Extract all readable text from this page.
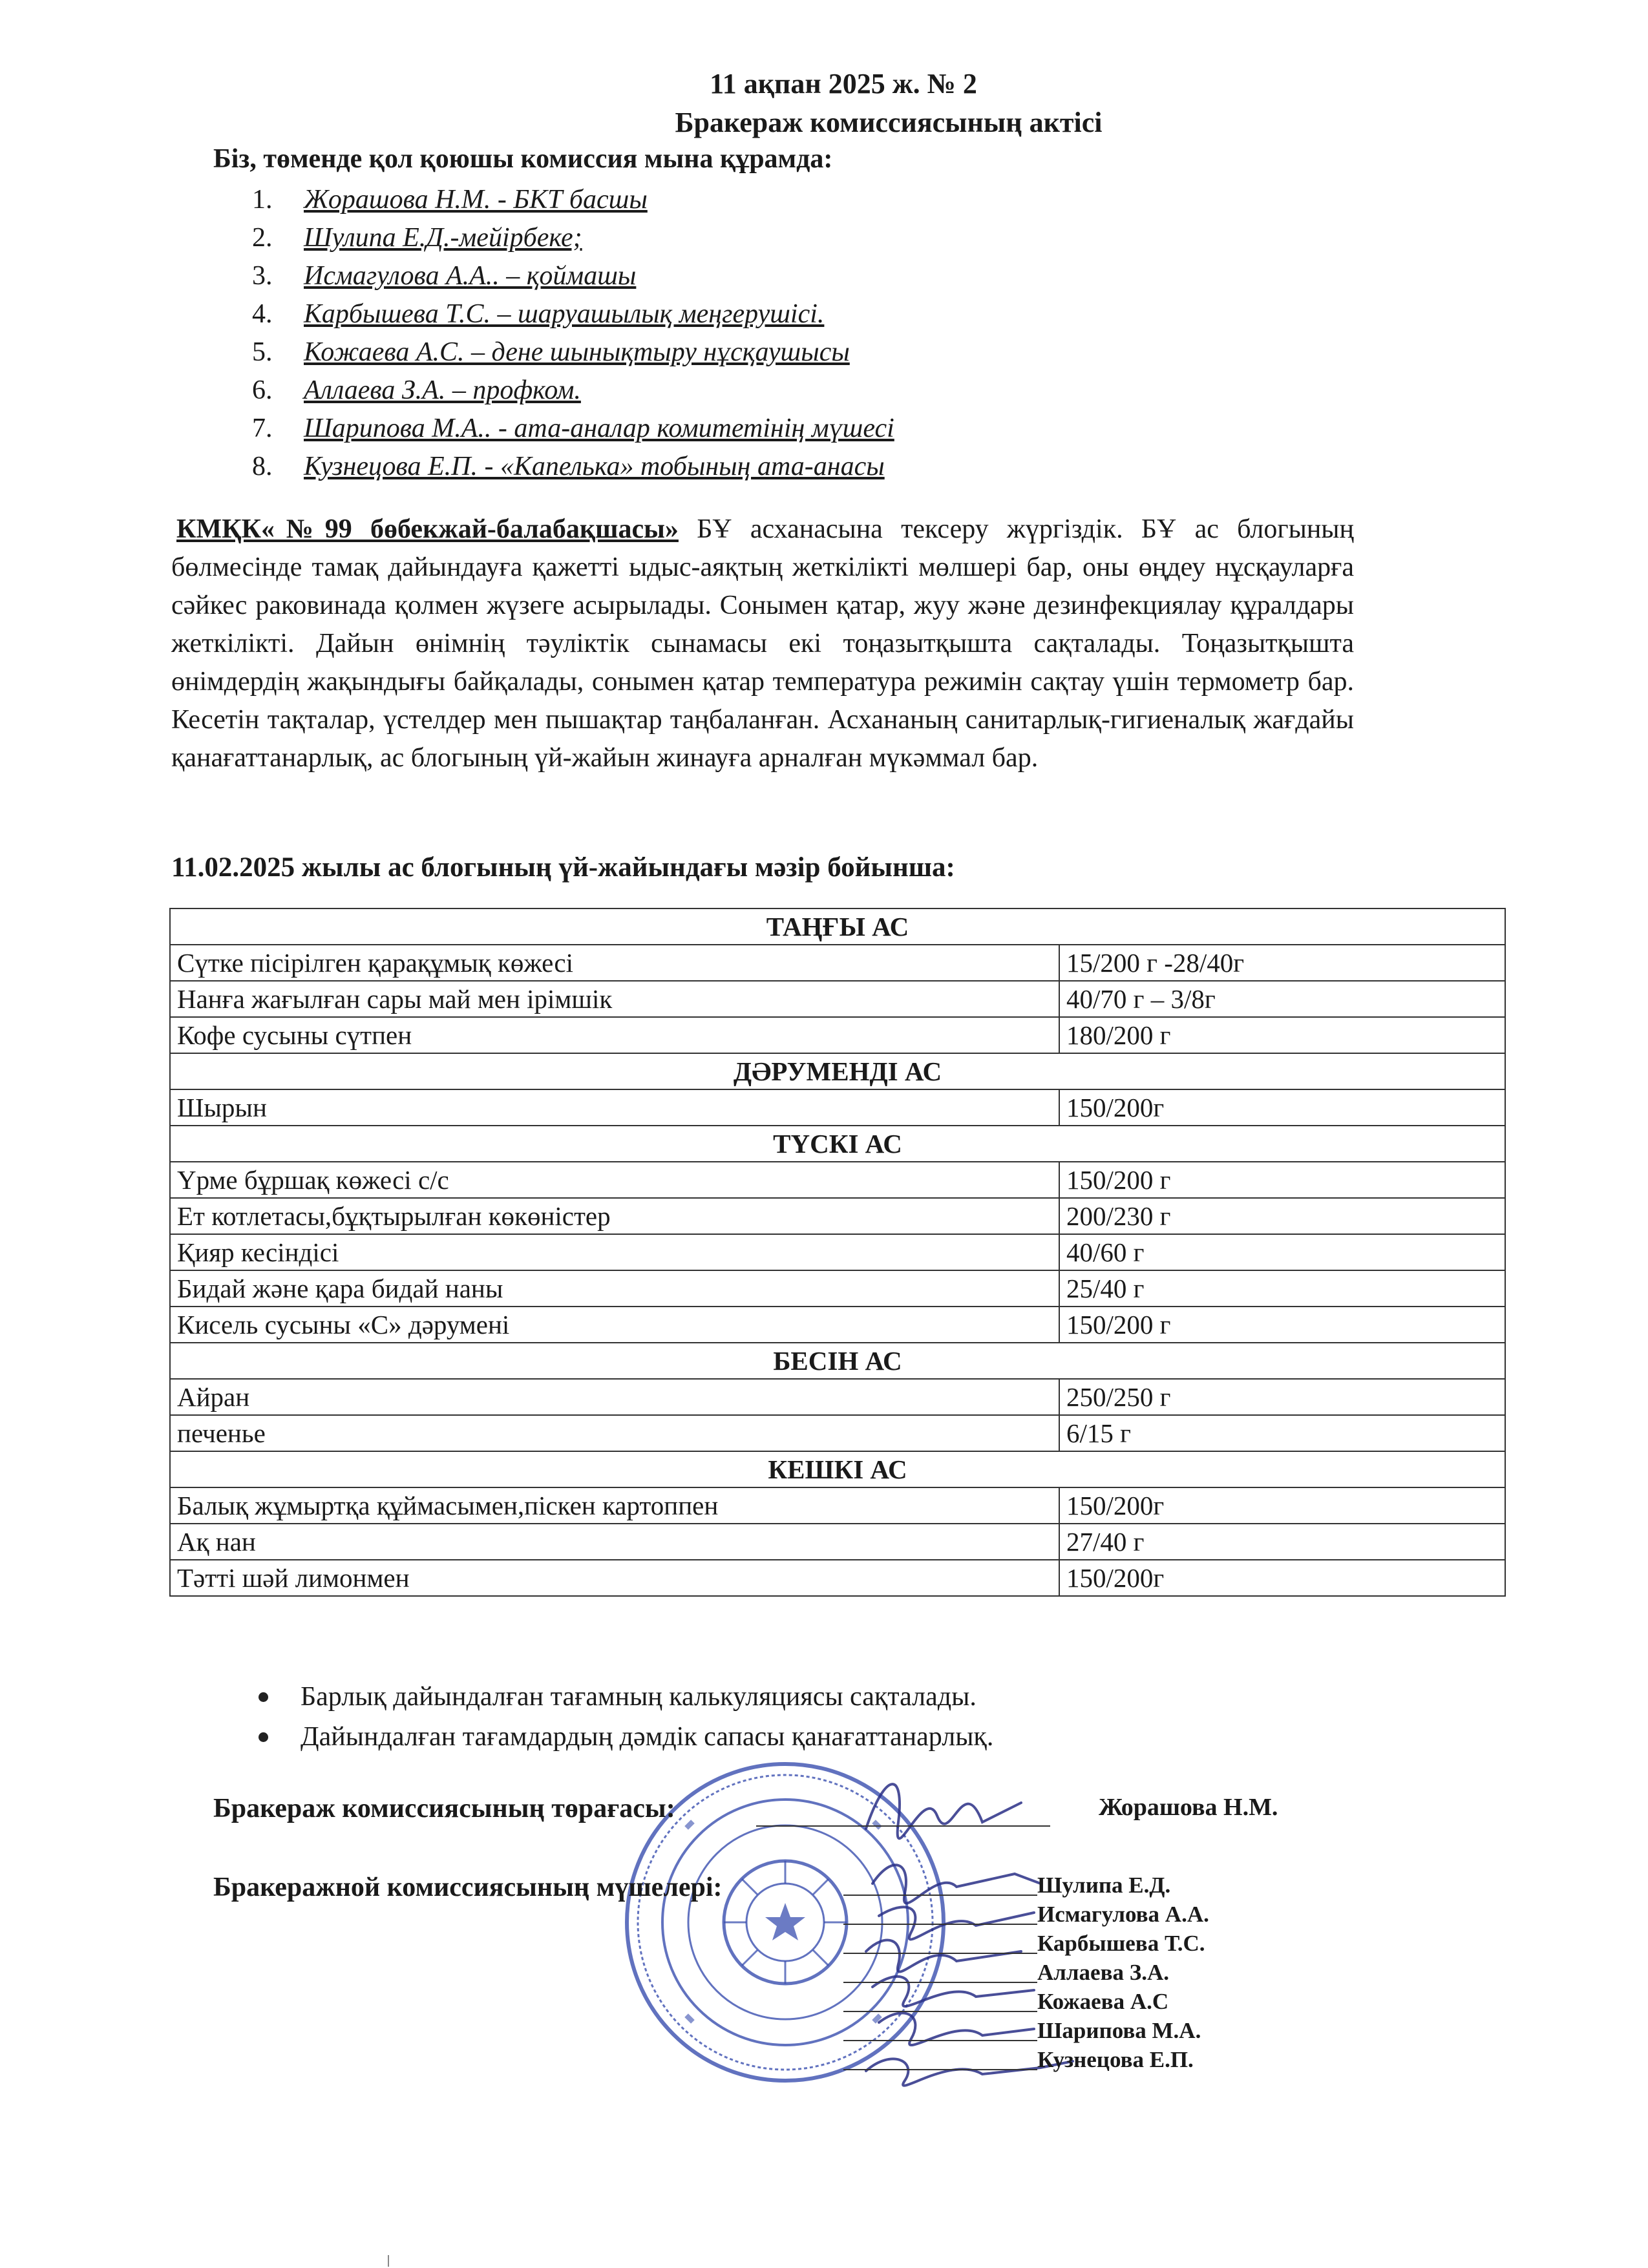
11 ақпан 2025 ж. № 2
Бракераж комиссиясының актісі
Біз, төменде қол қоюшы комиссия мына құрамда:
1.	Жорашова Н.М. - БКТ басшы
2.	Шулипа Е.Д.-мейірбеке;
3.	Исмагулова А.А.. – қоймашы
4.	Карбышева Т.С. – шаруашылық меңгерушісі.
5.	Кожаева А.С. – дене шынықтыру нұсқаушысы
6.	Аллаева З.А. – профком.
7.	Шарипова М.А.. - ата-аналар комитетінің мүшесі
8.	Кузнецова Е.П. - «Капелька» тобының ата-анасы
КМҚК«№99 бөбекжай-балабақшасы» БҰ асханасына тексеру жүргіздік. БҰ ас блогының бөлмесінде тамақ дайындауға қажетті ыдыс-аяқтың жеткілікті мөлшері бар, оны өңдеу нұсқауларға сәйкес раковинада қолмен жүзеге асырылады. Сонымен қатар, жуу және дезинфекциялау құралдары жеткілікті. Дайын өнімнің тәуліктік сынамасы екі тоңазытқышта сақталады. Тоңазытқышта өнімдердің жақындығы байқалады, сонымен қатар температура режимін сақтау үшін термометр бар. Кесетін тақталар, үстелдер мен пышақтар таңбаланған. Асхананың санитарлық-гигиеналық жағдайы қанағаттанарлық, ас блогының үй-жайын жинауға арналған мүкәммал бар.
11.02.2025 жылы ас блогының үй-жайындағы мәзір бойынша:
ТАҢҒЫ АС	
Сүтке пісірілген қарақұмық көжесі	15/200 г -28/40г
Нанға жағылған сары май мен ірімшік	40/70 г – 3/8г
Кофе сусыны сүтпен	180/200 г
ДӘРУМЕНДІ АС	
Шырын	150/200г
ТҮСКІ АС	
Үрме бұршақ көжесі с/с	150/200 г
Ет котлетасы,бұқтырылған көкөністер	200/230 г
Қияр кесіндісі	40/60 г
Бидай және қара бидай наны	25/40 г
Кисель сусыны «С» дәрумені	150/200 г
БЕСІН АС	
Айран	250/250 г
печенье	6/15 г
КЕШКІ АС	
Балық жұмыртқа құймасымен,піскен картоппен	150/200г
Ақ нан	27/40 г
Тәтті шәй лимонмен	150/200г
Барлық дайындалған тағамның калькуляциясы сақталады.
Дайындалған тағамдардың дәмдік сапасы қанағаттанарлық.
Бракераж комиссиясының төрағасы:	Жорашова Н.М.
Бракеражной комиссиясының мүшелері:	Шулипа Е.Д.
Исмагулова А.А.
Карбышева Т.С.
Аллаева З.А.
Кожаева А.С
Шарипова М.А.
Кузнецова Е.П.
